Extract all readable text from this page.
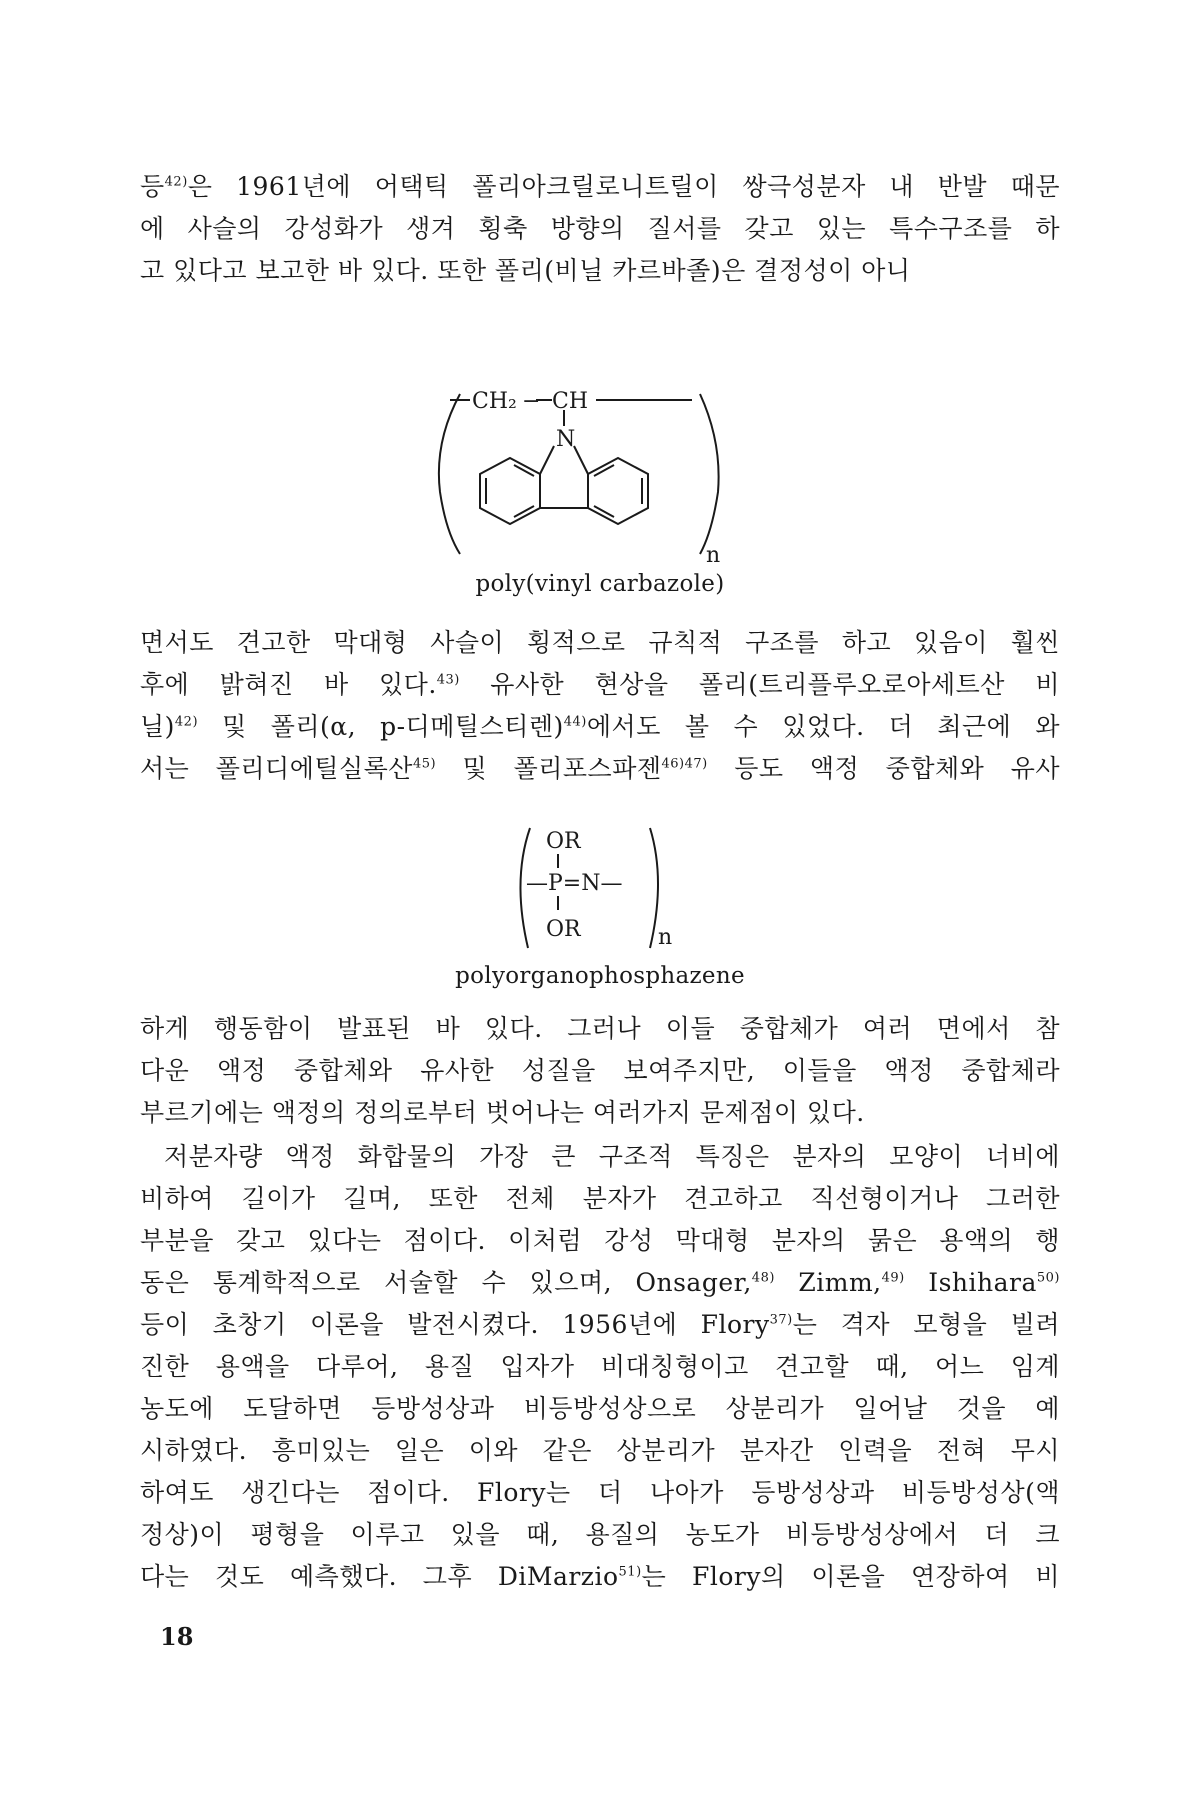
등$^{42)}$은 1961년에 어택틱 폴리아크릴로니트릴이 쌍극성분자 내 반발 때문
에 사슬의 강성화가 생겨 횡축 방향의 질서를 갖고 있는 특수구조를 하
고 있다고 보고한 바 있다. 또한 폴리(비닐 카르바졸)은 결정성이 아니
CH₂ − CH
N
n
poly(vinyl carbazole)
면서도 견고한 막대형 사슬이 횡적으로 규칙적 구조를 하고 있음이 훨씬
후에 밝혀진 바 있다.$^{43)}$ 유사한 현상을 폴리(트리플루오로아세트산 비
닐)$^{42)}$ 및 폴리(α, p-디메틸스티렌)$^{44)}$에서도 볼 수 있었다. 더 최근에 와
서는 폴리디에틸실록산$^{45)}$ 및 폴리포스파젠$^{46)47)}$ 등도 액정 중합체와 유사
OR
—P=N—
OR	n
polyorganophosphazene
하게 행동함이 발표된 바 있다. 그러나 이들 중합체가 여러 면에서 참
다운 액정 중합체와 유사한 성질을 보여주지만, 이들을 액정 중합체라
부르기에는 액정의 정의로부터 벗어나는 여러가지 문제점이 있다.
저분자량 액정 화합물의 가장 큰 구조적 특징은 분자의 모양이 너비에
비하여 길이가 길며, 또한 전체 분자가 견고하고 직선형이거나 그러한
부분을 갖고 있다는 점이다. 이처럼 강성 막대형 분자의 묽은 용액의 행
동은 통계학적으로 서술할 수 있으며, Onsager,$^{48)}$ Zimm,$^{49)}$ Ishihara$^{50)}$
등이 초창기 이론을 발전시켰다. 1956년에 Flory$^{37)}$는 격자 모형을 빌려
진한 용액을 다루어, 용질 입자가 비대칭형이고 견고할 때, 어느 임계
농도에 도달하면 등방성상과 비등방성상으로 상분리가 일어날 것을 예
시하였다. 흥미있는 일은 이와 같은 상분리가 분자간 인력을 전혀 무시
하여도 생긴다는 점이다. Flory는 더 나아가 등방성상과 비등방성상(액
정상)이 평형을 이루고 있을 때, 용질의 농도가 비등방성상에서 더 크
다는 것도 예측했다. 그후 DiMarzio$^{51)}$는 Flory의 이론을 연장하여 비
18
